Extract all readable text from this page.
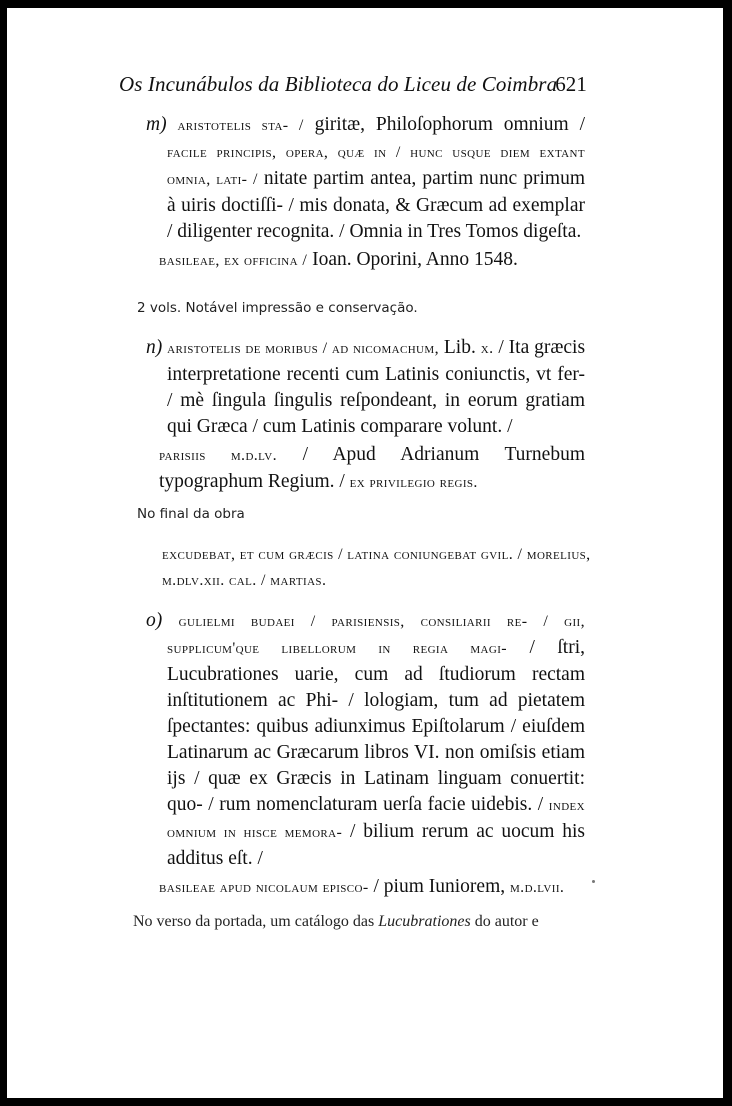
Os Incunábulos da Biblioteca do Liceu de Coimbra
621

m) aristotelis sta- / giritæ, Philoſophorum omnium / facile principis, opera, quæ in / hunc usque diem extant omnia, lati- / nitate partim antea, partim nunc primum à uiris doctiſſi- / mis donata, & Græcum ad exemplar / diligenter recognita. / Omnia in Tres Tomos digeſta.

basileae, ex officina / Ioan. Oporini, Anno 1548.

2 vols. Notável impressão e conservação.

n) aristotelis de moribus / ad nicomachum, Lib. x. / Ita græcis interpretatione recenti cum Latinis coniunctis, vt fer- / mè ſingula ſingulis reſpondeant, in eorum gratiam qui Græca / cum Latinis comparare volunt. /

parisiis m.d.lv. / Apud Adrianum Turnebum typographum Regium. / ex privilegio regis.

No final da obra
excudebat, et cum græcis / latina coniungebat gvil. / morelius, m.dlv.xii. cal. / martias.

o) gulielmi budaei / parisiensis, consiliarii re- / gii, supplicum'que libellorum in regia magi- / ſtri, Lucubrationes uarie, cum ad ſtudiorum rectam inſtitutionem ac Phi- / lologiam, tum ad pietatem ſpectantes: quibus adiunximus Epiſtolarum / eiuſdem Latinarum ac Græcarum libros VI. non omiſsis etiam ijs / quæ ex Græcis in Latinam linguam conuertit: quo- / rum nomenclaturam uerſa facie uidebis. / index omnium in hisce memora- / bilium rerum ac uocum his additus eſt. /

basileae apud nicolaum episco- / pium Iuniorem, m.d.lvii.

No verso da portada, um catálogo das Lucubrationes do autor e
